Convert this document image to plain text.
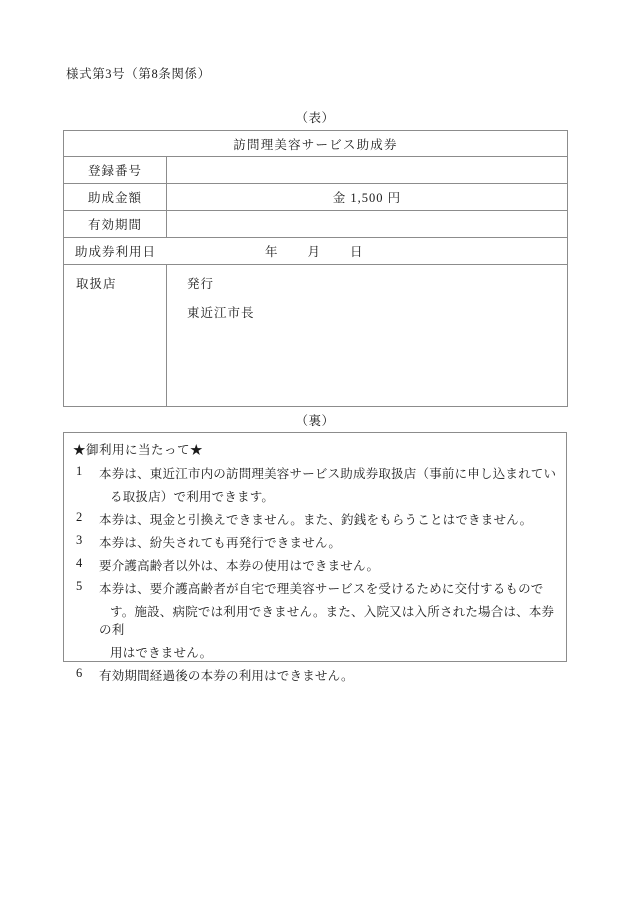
様式第3号（第8条関係）
（表）
訪問理美容サービス助成券	
登録番号	
助成金額	金 1,500 円
有効期間	

助成券利用日 年 月 日	

取扱店	発行
東近江市長
（裏）
★御利用に当たって★
1	本券は、東近江市内の訪問理美容サービス助成券取扱店（事前に申し込まれてい
る取扱店）で利用できます。
2	本券は、現金と引換えできません。また、釣銭をもらうことはできません。
3	本券は、紛失されても再発行できません。
4	要介護高齢者以外は、本券の使用はできません。
5	本券は、要介護高齢者が自宅で理美容サービスを受けるために交付するもので
す。施設、病院では利用できません。また、入院又は入所された場合は、本券の利
用はできません。
6	有効期間経過後の本券の利用はできません。
